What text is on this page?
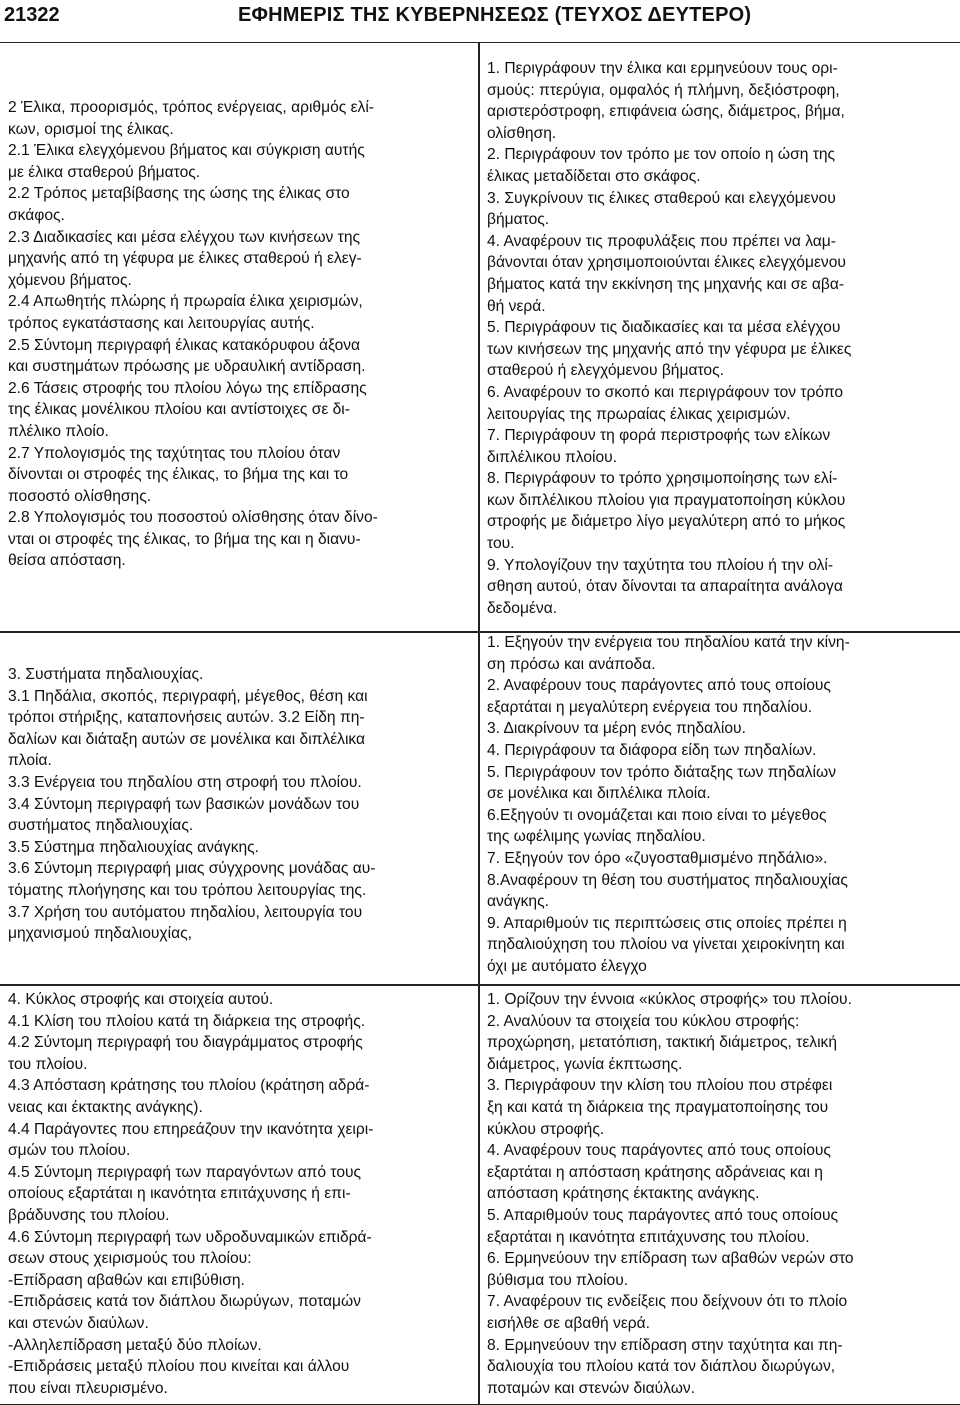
21322	ΕΦΗΜΕΡΙΣ ΤΗΣ ΚΥΒΕΡΝΗΣΕΩΣ (ΤΕΥΧΟΣ ΔΕΥΤΕΡΟ)

2 Έλικα, προορισμός, τρόπος ενέργειας, αριθμός ελί-

κων, ορισμοί της έλικας.

2.1 Έλικα ελεγχόμενου βήματος και σύγκριση αυτής

με έλικα σταθερού βήματος.

2.2 Τρόπος μεταβίβασης της ώσης της έλικας στο

σκάφος.

2.3 Διαδικασίες και μέσα ελέγχου των κινήσεων της

μηχανής από τη γέφυρα με έλικες σταθερού ή ελεγ-

χόμενου βήματος.

2.4 Απωθητής πλώρης ή πρωραία έλικα χειρισμών,

τρόπος εγκατάστασης και λειτουργίας αυτής.

2.5 Σύντομη περιγραφή έλικας κατακόρυφου άξονα

και συστημάτων πρόωσης με υδραυλική αντίδραση.

2.6 Τάσεις στροφής του πλοίου λόγω της επίδρασης

της έλικας μονέλικου πλοίου και αντίστοιχες σε δι-

πλέλικο πλοίο.

2.7 Υπολογισμός της ταχύτητας του πλοίου όταν

δίνονται οι στροφές της έλικας, το βήμα της και το

ποσοστό ολίσθησης.

2.8 Υπολογισμός του ποσοστού ολίσθησης όταν δίνο-

νται οι στροφές της έλικας, το βήμα της και η διανυ-

θείσα απόσταση.

1. Περιγράφουν την έλικα και ερμηνεύουν τους ορι-

σμούς: πτερύγια, ομφαλός ή πλήμνη, δεξιόστροφη,

αριστερόστροφη, επιφάνεια ώσης, διάμετρος, βήμα,

ολίσθηση.

2. Περιγράφουν τον τρόπο με τον οποίο η ώση της

έλικας μεταδίδεται στο σκάφος.

3. Συγκρίνουν τις έλικες σταθερού και ελεγχόμενου

βήματος.

4. Αναφέρουν τις προφυλάξεις που πρέπει να λαμ-

βάνονται όταν χρησιμοποιούνται έλικες ελεγχόμενου

βήματος κατά την εκκίνηση της μηχανής και σε αβα-

θή νερά.

5. Περιγράφουν τις διαδικασίες και τα μέσα ελέγχου

των κινήσεων της μηχανής από την γέφυρα με έλικες

σταθερού ή ελεγχόμενου βήματος.

6. Αναφέρουν το σκοπό και περιγράφουν τον τρόπο

λειτουργίας της πρωραίας έλικας χειρισμών.

7. Περιγράφουν τη φορά περιστροφής των ελίκων

διπλέλικου πλοίου.

8. Περιγράφουν το τρόπο χρησιμοποίησης των ελί-

κων διπλέλικου πλοίου για πραγματοποίηση κύκλου

στροφής με διάμετρο λίγο μεγαλύτερη από το μήκος

του.

9. Υπολογίζουν την ταχύτητα του πλοίου ή την ολί-

σθηση αυτού, όταν δίνονται τα απαραίτητα ανάλογα

δεδομένα.

3. Συστήματα πηδαλιουχίας.

3.1 Πηδάλια, σκοπός, περιγραφή, μέγεθος, θέση και

τρόποι στήριξης, καταπονήσεις αυτών. 3.2 Είδη πη-

δαλίων και διάταξη αυτών σε μονέλικα και διπλέλικα

πλοία.

3.3 Ενέργεια του πηδαλίου στη στροφή του πλοίου.

3.4 Σύντομη περιγραφή των βασικών μονάδων του

συστήματος πηδαλιουχίας.

3.5 Σύστημα πηδαλιουχίας ανάγκης.

3.6 Σύντομη περιγραφή μιας σύγχρονης μονάδας αυ-

τόματης πλοήγησης και του τρόπου λειτουργίας της.

3.7 Χρήση του αυτόματου πηδαλίου, λειτουργία του

μηχανισμού πηδαλιουχίας,

1. Εξηγούν την ενέργεια του πηδαλίου κατά την κίνη-

ση πρόσω και ανάποδα.

2. Αναφέρουν τους παράγοντες από τους οποίους

εξαρτάται η μεγαλύτερη ενέργεια του πηδαλίου.

3. Διακρίνουν τα μέρη ενός πηδαλίου.

4. Περιγράφουν τα διάφορα είδη των πηδαλίων.

5. Περιγράφουν τον τρόπο διάταξης των πηδαλίων

σε μονέλικα και διπλέλικα πλοία.

6.Εξηγούν τι ονομάζεται και ποιο είναι το μέγεθος

της ωφέλιμης γωνίας πηδαλίου.

7. Εξηγούν τον όρο «ζυγοσταθμισμένο πηδάλιο».

8.Αναφέρουν τη θέση του συστήματος πηδαλιουχίας

ανάγκης.

9. Απαριθμούν τις περιπτώσεις στις οποίες πρέπει η

πηδαλιούχηση του πλοίου να γίνεται χειροκίνητη και

όχι με αυτόματο έλεγχο

4. Κύκλος στροφής και στοιχεία αυτού.

4.1 Κλίση του πλοίου κατά τη διάρκεια της στροφής.

4.2 Σύντομη περιγραφή του διαγράμματος στροφής

του πλοίου.

4.3 Απόσταση κράτησης του πλοίου (κράτηση αδρά-

νειας και έκτακτης ανάγκης).

4.4 Παράγοντες που επηρεάζουν την ικανότητα χειρι-

σμών του πλοίου.

4.5 Σύντομη περιγραφή των παραγόντων από τους

οποίους εξαρτάται η ικανότητα επιτάχυνσης ή επι-

βράδυνσης του πλοίου.

4.6 Σύντομη περιγραφή των υδροδυναμικών επιδρά-

σεων στους χειρισμούς του πλοίου:

-Επίδραση αβαθών και επιβύθιση.

-Επιδράσεις κατά τον διάπλου διωρύγων, ποταμών

και στενών διαύλων.

-Αλληλεπίδραση μεταξύ δύο πλοίων.

-Επιδράσεις μεταξύ πλοίου που κινείται και άλλου

που είναι πλευρισμένο.

1. Ορίζουν την έννοια «κύκλος στροφής» του πλοίου.

2. Αναλύουν τα στοιχεία του κύκλου στροφής:

προχώρηση, μετατόπιση, τακτική διάμετρος, τελική

διάμετρος, γωνία έκπτωσης.

3. Περιγράφουν την κλίση του πλοίου που στρέφει

ξη και κατά τη διάρκεια της πραγματοποίησης του

κύκλου στροφής.

4. Αναφέρουν τους παράγοντες από τους οποίους

εξαρτάται η απόσταση κράτησης αδράνειας και η

απόσταση κράτησης έκτακτης ανάγκης.

5. Απαριθμούν τους παράγοντες από τους οποίους

εξαρτάται η ικανότητα επιτάχυνσης του πλοίου.

6. Ερμηνεύουν την επίδραση των αβαθών νερών στο

βύθισμα του πλοίου.

7. Αναφέρουν τις ενδείξεις που δείχνουν ότι το πλοίο

εισήλθε σε αβαθή νερά.

8. Ερμηνεύουν την επίδραση στην ταχύτητα και πη-

δαλιουχία του πλοίου κατά τον διάπλου διωρύγων,

ποταμών και στενών διαύλων.
